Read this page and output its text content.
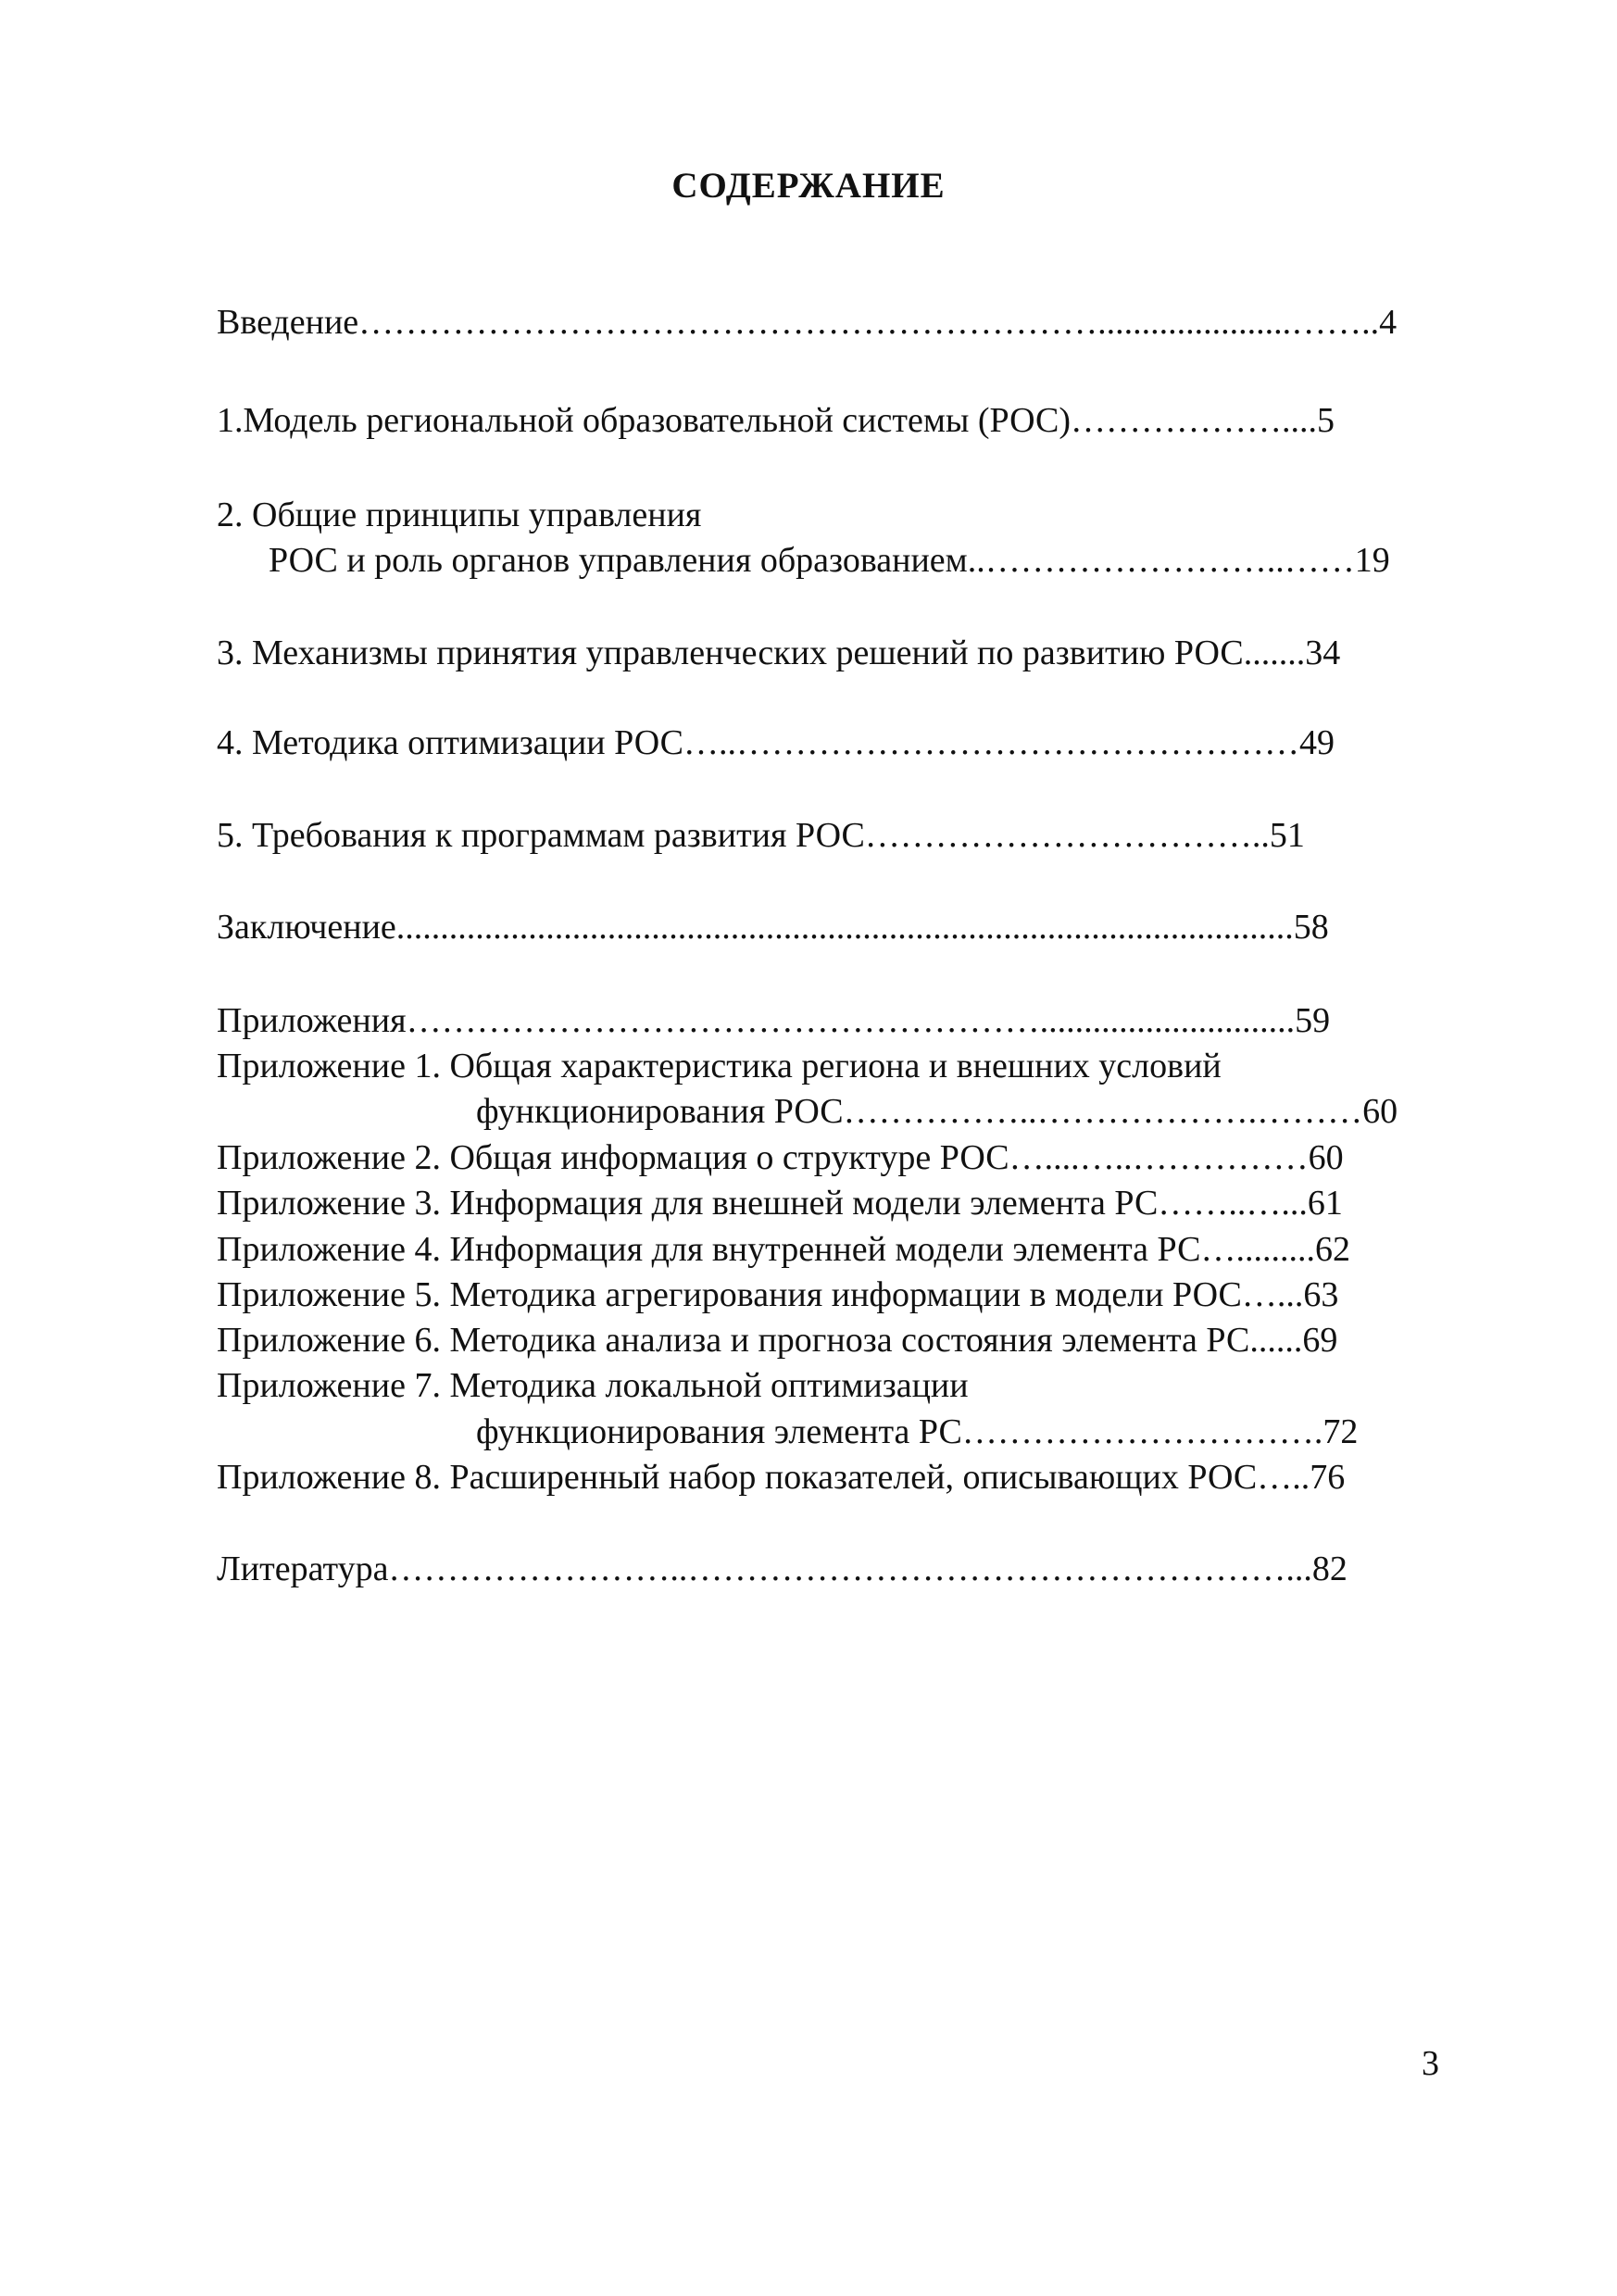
СОДЕРЖАНИЕ
Введение………………………………………………………......................……..4
1.Модель региональной образовательной системы (РОС)………………....5
2. Общие принципы управления
РОС и роль органов управления образованием..……………………..……19
3. Механизмы принятия управленческих решений по развитию РОС.......34
4. Методика оптимизации РОС…..…………………………………………49
5. Требования к программам развития РОС……………………………..51
Заключение......................................................................................................58
Приложения……………………………………………….............................59
Приложение 1. Общая характеристика региона и внешних условий
функционирования РОС……………..……………….………60
Приложение 2. Общая информация о структуре РОС…....…..……………60
Приложение 3. Информация для внешней модели элемента РС……..…...61
Приложение 4. Информация для внутренней модели элемента РС….........62
Приложение 5. Методика агрегирования информации в модели РОС…...63
Приложение 6. Методика анализа и прогноза состояния элемента РС......69
Приложение 7. Методика локальной оптимизации
функционирования элемента РС………………………….72
Приложение 8. Расширенный набор показателей, описывающих РОС…..76
Литература……………………..……………………………………………...82
3
